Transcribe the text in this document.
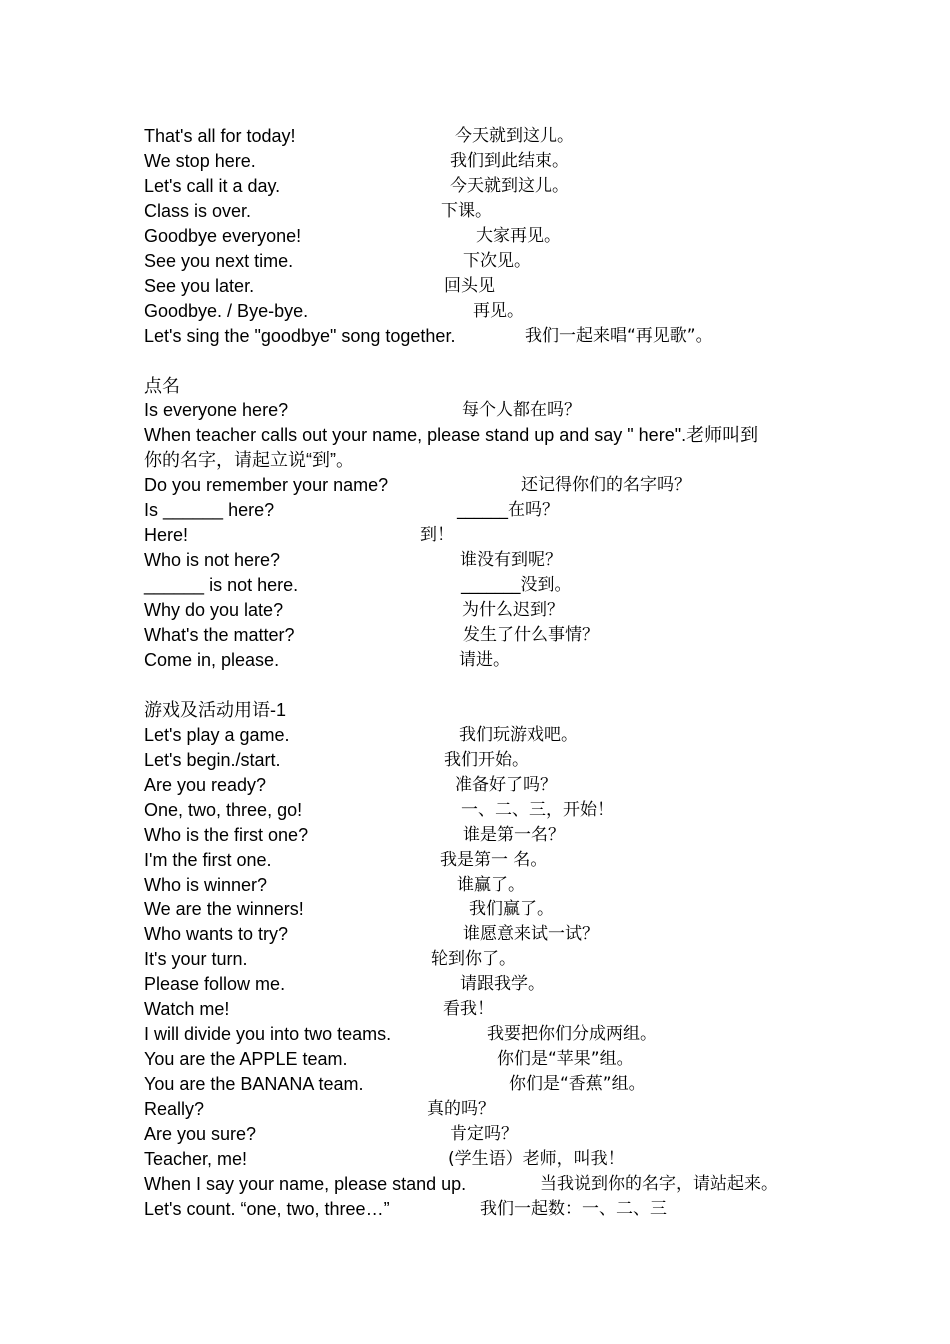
That's all for today!	今天就到这儿。
We stop here.	我们到此结束。
Let's call it a day.	今天就到这儿。
Class is over.	下课。
Goodbye everyone!	大家再见。
See you next time.	下次见。
See you later.	回头见
Goodbye. / Bye-bye.	再见。
Let's sing the "goodbye" song together.	我们一起来唱“再见歌”。
点名
Is everyone here?	每个人都在吗？
When teacher calls out your name, please stand up and say " here".老师叫到
你的名字，请起立说“到”。
Do you remember your name?	还记得你们的名字吗？
Is ______ here?	______在吗？
Here!	到！
Who is not here?	谁没有到呢？
______ is not here.	_______没到。
Why do you late?	为什么迟到？
What's the matter?	发生了什么事情？
Come in, please.	请进。
游戏及活动用语-1
Let's play a game.	我们玩游戏吧。
Let's begin./start.	我们开始。
Are you ready?	准备好了吗？
One, two, three, go!	一、二、三，开始！
Who is the first one?	谁是第一名？
I'm the first one.	我是第一 名。
Who is winner?	谁赢了。
We are the winners!	我们赢了。
Who wants to try?	谁愿意来试一试？
It's your turn.	轮到你了。
Please follow me.	请跟我学。
Watch me!	看我！
I will divide you into two teams.	我要把你们分成两组。
You are the APPLE team.	你们是“苹果”组。
You are the BANANA team.	你们是“香蕉”组。
Really?	真的吗？
Are you sure?	肯定吗？
Teacher, me!	(学生语）老师，叫我！
When I say your name, please stand up.	当我说到你的名字，请站起来。
Let's count. “one, two, three…”	我们一起数：一、二、三
